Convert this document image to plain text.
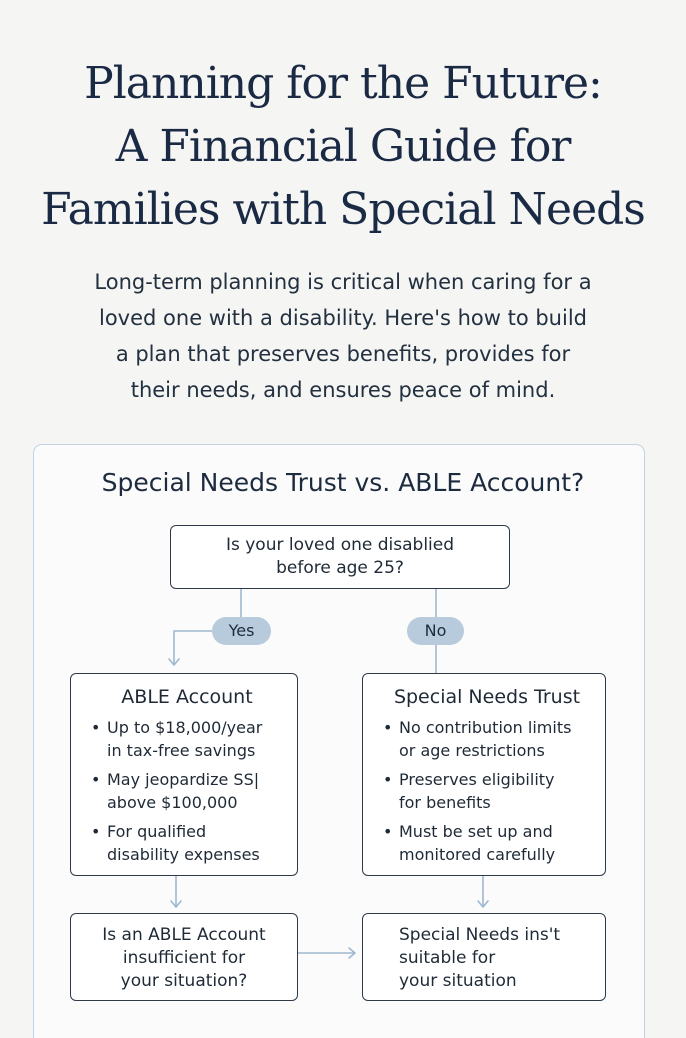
Planning for the Future:
A Financial Guide for
Families with Special Needs
Long-term planning is critical when caring for a
loved one with a disability. Here's how to build
a plan that preserves benefits, provides for
their needs, and ensures peace of mind.
Special Needs Trust vs. ABLE Account?
Is your loved one disablied
before age 25?
Yes	No
ABLE Account
• Up to $18,000/year
in tax-free savings
• May jeopardize SS|
above $100,000
• For qualified
disability expenses
Special Needs Trust
• No contribution limits
or age restrictions
• Preserves eligibility
for benefits
• Must be set up and
monitored carefully
Is an ABLE Account
insufficient for
your situation?
Special Needs ins't
suitable for
your situation
